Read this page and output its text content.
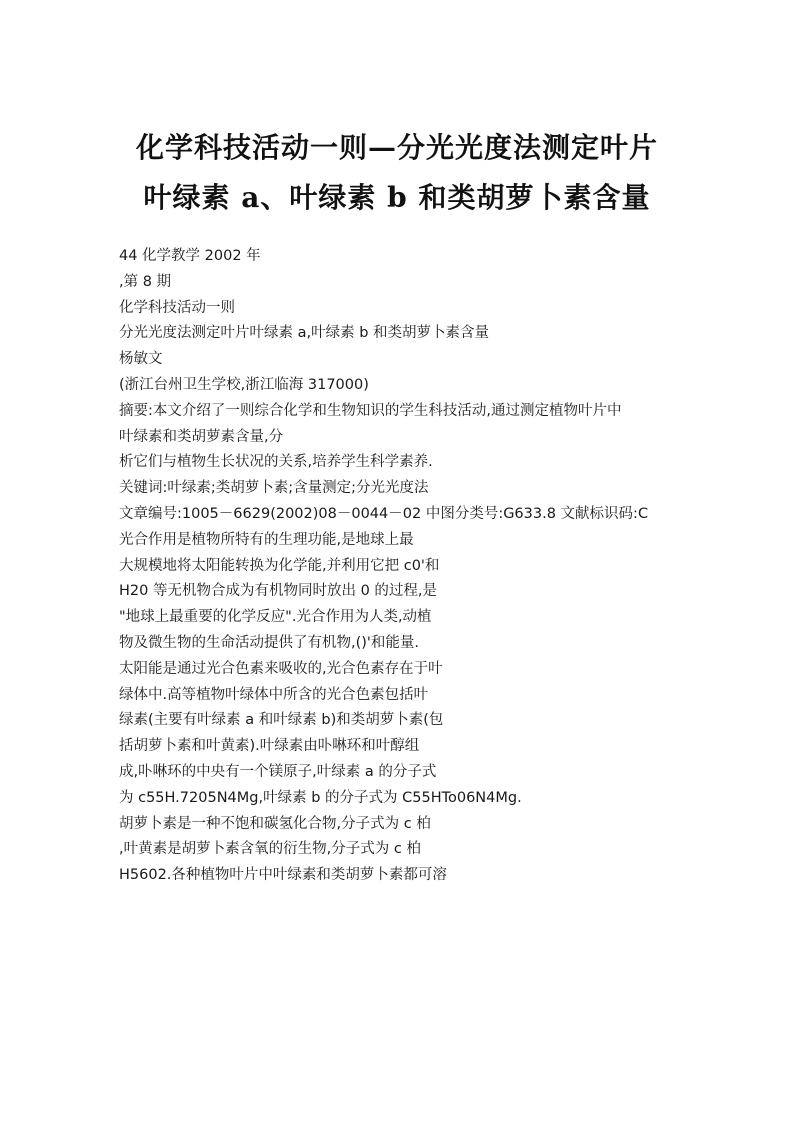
化学科技活动一则—分光光度法测定叶片
叶绿素 a、叶绿素 b 和类胡萝卜素含量
44 化学教学 2002 年
,第 8 期
化学科技活动一则
分光光度法测定叶片叶绿素 a,叶绿素 b 和类胡萝卜素含量
杨敏文
(浙江台州卫生学校,浙江临海 317000)
摘要:本文介绍了一则综合化学和生物知识的学生科技活动,通过测定植物叶片中
叶绿素和类胡萝素含量,分
析它们与植物生长状况的关系,培养学生科学素养.
关键词:叶绿素;类胡萝卜素;含量测定;分光光度法
文章编号:1005－6629(2002)08－0044－02 中图分类号:G633.8 文献标识码:C
光合作用是植物所特有的生理功能,是地球上最
大规模地将太阳能转换为化学能,并利用它把 c0'和
H20 等无机物合成为有机物同时放出 0 的过程,是
"地球上最重要的化学反应".光合作用为人类,动植
物及微生物的生命活动提供了有机物,()'和能量.
太阳能是通过光合色素来吸收的,光合色素存在于叶
绿体中.高等植物叶绿体中所含的光合色素包括叶
绿素(主要有叶绿素 a 和叶绿素 b)和类胡萝卜素(包
括胡萝卜素和叶黄素).叶绿素由卟啉环和叶醇组
成,卟啉环的中央有一个镁原子,叶绿素 a 的分子式
为 c55H.7205N4Mg,叶绿素 b 的分子式为 C55HTo06N4Mg.
胡萝卜素是一种不饱和碳氢化合物,分子式为 c 柏
,叶黄素是胡萝卜素含氧的衍生物,分子式为 c 柏
H5602.各种植物叶片中叶绿素和类胡萝卜素都可溶
